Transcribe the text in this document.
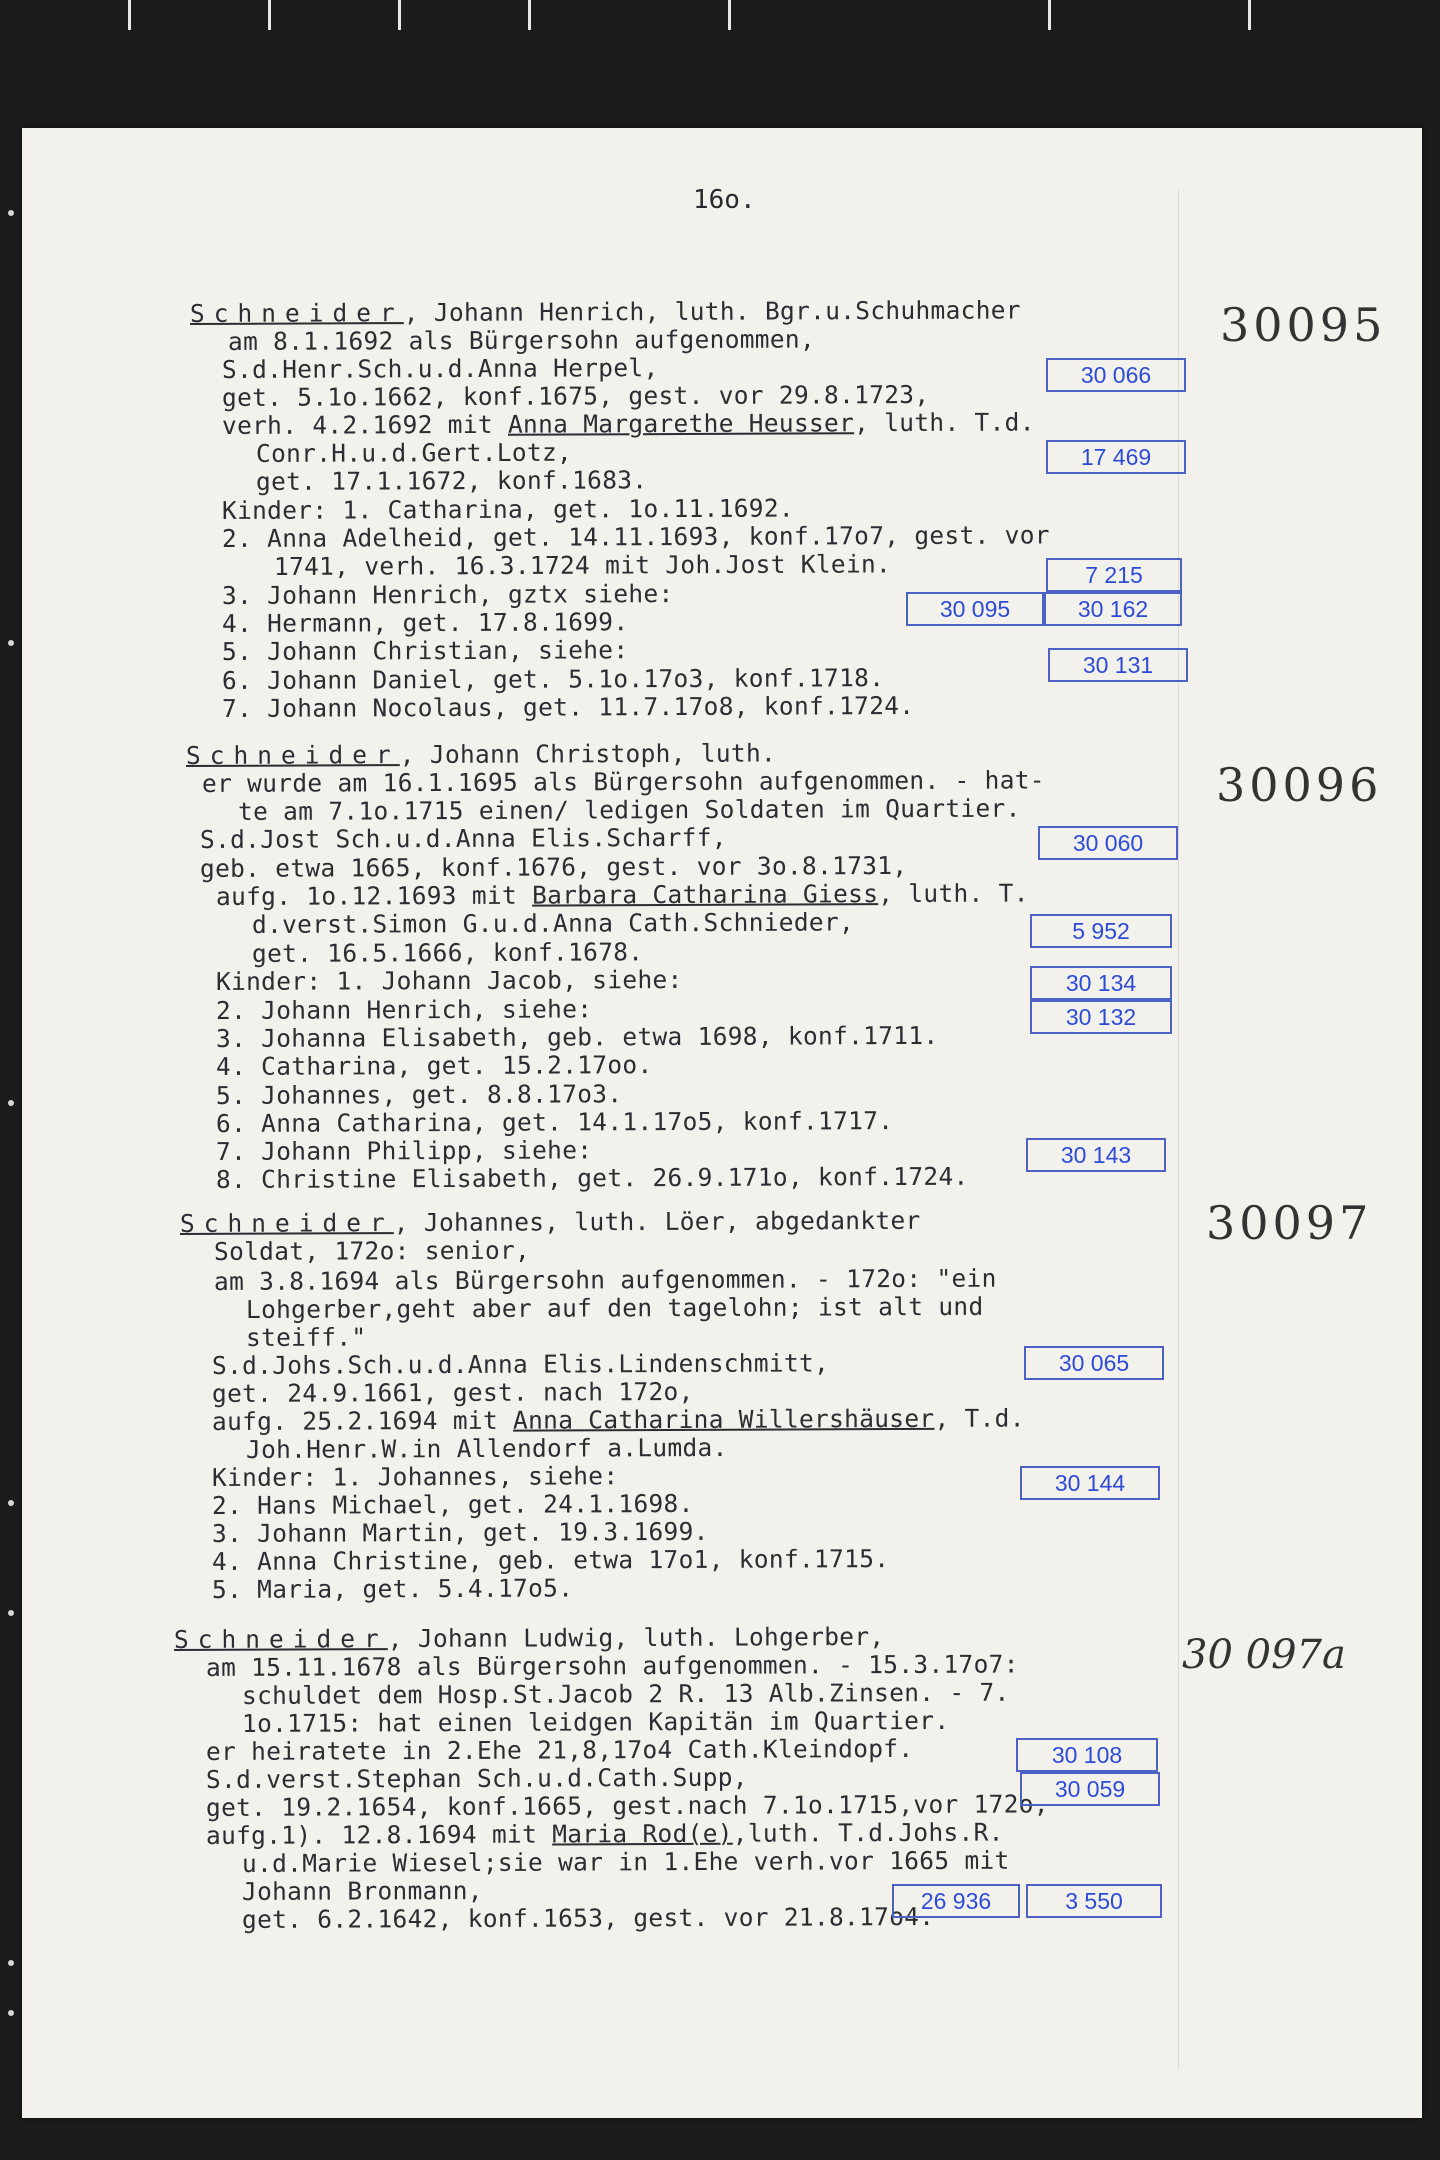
16o.
30095
Schneider, Johann Henrich, luth. Bgr.u.Schuhmacher
am 8.1.1692 als Bürgersohn aufgenommen,
S.d.Henr.Sch.u.d.Anna Herpel,
get. 5.1o.1662, konf.1675, gest. vor 29.8.1723,
verh. 4.2.1692 mit Anna Margarethe Heusser, luth. T.d.
Conr.H.u.d.Gert.Lotz,
get. 17.1.1672, konf.1683.
Kinder: 1. Catharina, get. 1o.11.1692.
2. Anna Adelheid, get. 14.11.1693, konf.17o7, gest. vor
1741, verh. 16.3.1724 mit Joh.Jost Klein.
3. Johann Henrich, gztx siehe:
4. Hermann, get. 17.8.1699.
5. Johann Christian, siehe:
6. Johann Daniel, get. 5.1o.17o3, konf.1718.
7. Johann Nocolaus, get. 11.7.17o8, konf.1724.
30 066
17 469
7 215
30 095	30 162
30 131
30096
Schneider, Johann Christoph, luth.
er wurde am 16.1.1695 als Bürgersohn aufgenommen. - hat-
te am 7.1o.1715 einen/ ledigen Soldaten im Quartier.
S.d.Jost Sch.u.d.Anna Elis.Scharff,
geb. etwa 1665, konf.1676, gest. vor 3o.8.1731,
aufg. 1o.12.1693 mit Barbara Catharina Giess, luth. T.
d.verst.Simon G.u.d.Anna Cath.Schnieder,
get. 16.5.1666, konf.1678.
Kinder: 1. Johann Jacob, siehe:
2. Johann Henrich, siehe:
3. Johanna Elisabeth, geb. etwa 1698, konf.1711.
4. Catharina, get. 15.2.17oo.
5. Johannes, get. 8.8.17o3.
6. Anna Catharina, get. 14.1.17o5, konf.1717.
7. Johann Philipp, siehe:
8. Christine Elisabeth, get. 26.9.171o, konf.1724.
30 060
5 952
30 134
30 132
30 143
30097
Schneider, Johannes, luth. Löer, abgedankter
Soldat, 172o: senior,
am 3.8.1694 als Bürgersohn aufgenommen. - 172o: "ein
Lohgerber,geht aber auf den tagelohn; ist alt und
steiff."
S.d.Johs.Sch.u.d.Anna Elis.Lindenschmitt,
get. 24.9.1661, gest. nach 172o,
aufg. 25.2.1694 mit Anna Catharina Willershäuser, T.d.
Joh.Henr.W.in Allendorf a.Lumda.
Kinder: 1. Johannes, siehe:
2. Hans Michael, get. 24.1.1698.
3. Johann Martin, get. 19.3.1699.
4. Anna Christine, geb. etwa 17o1, konf.1715.
5. Maria, get. 5.4.17o5.
30 065
30 144
30 097a
Schneider, Johann Ludwig, luth. Lohgerber,
am 15.11.1678 als Bürgersohn aufgenommen. - 15.3.17o7:
schuldet dem Hosp.St.Jacob 2 R. 13 Alb.Zinsen. - 7.
1o.1715: hat einen leidgen Kapitän im Quartier.
er heiratete in 2.Ehe 21,8,17o4 Cath.Kleindopf.
S.d.verst.Stephan Sch.u.d.Cath.Supp,
get. 19.2.1654, konf.1665, gest.nach 7.1o.1715,vor 172o,
aufg.1). 12.8.1694 mit Maria Rod(e),luth. T.d.Johs.R.
u.d.Marie Wiesel;sie war in 1.Ehe verh.vor 1665 mit
Johann Bronmann,
get. 6.2.1642, konf.1653, gest. vor 21.8.17o4.
30 108
30 059
26 936	3 550
